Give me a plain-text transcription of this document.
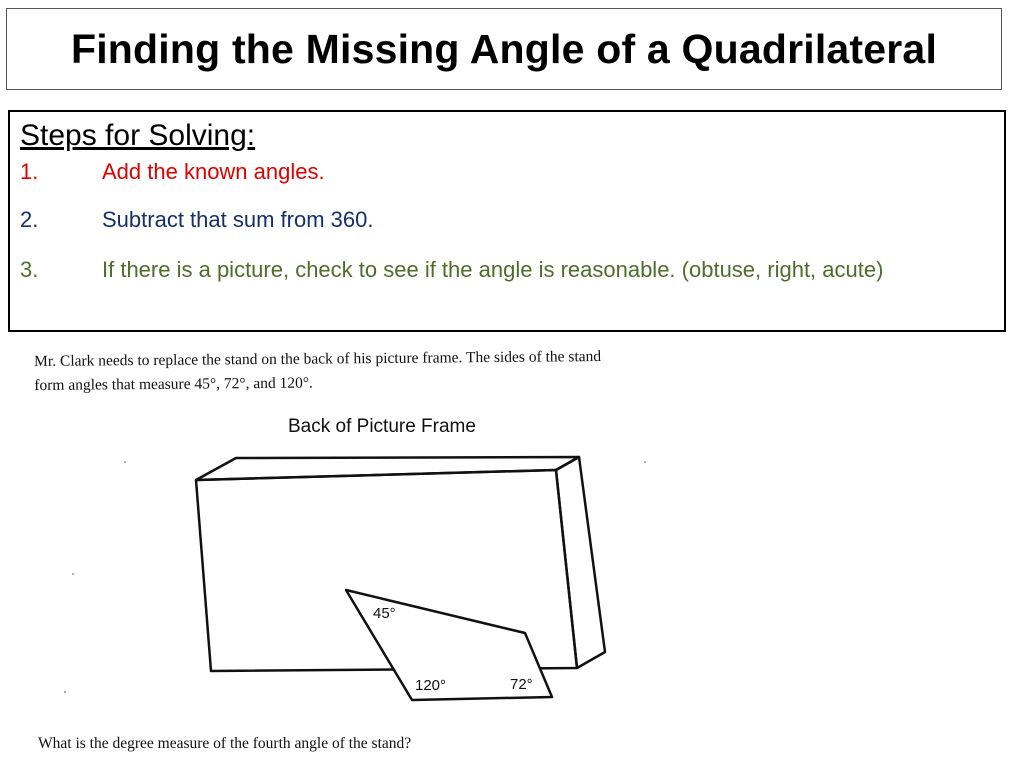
Finding the Missing Angle of a Quadrilateral

Steps for Solving:

1.	Add the known angles.
2.	Subtract that sum from 360.
3.	If there is a picture, check to see if the angle is reasonable. (obtuse, right, acute)
Mr. Clark needs to replace the stand on the back of his picture frame. The sides of the stand
form angles that measure 45°, 72°, and 120°.
Back of Picture Frame
45°
120°	72°
What is the degree measure of the fourth angle of the stand?
